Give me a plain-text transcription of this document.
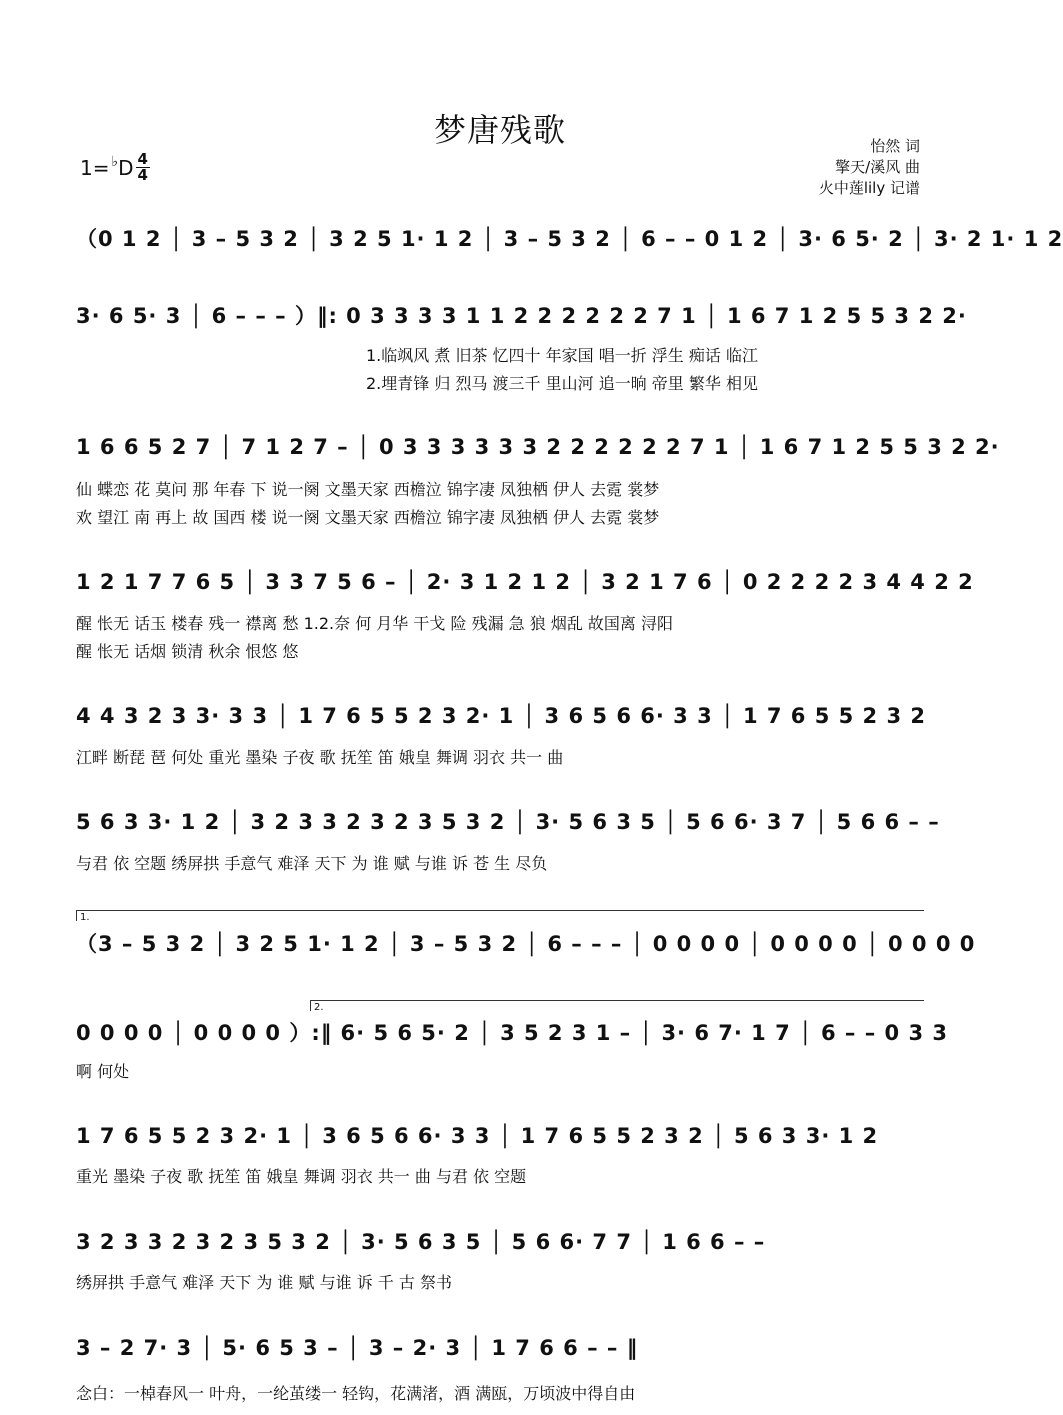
梦唐残歌
1= ♭ D 4
4
怡然 词
擎天/溪风 曲
火中莲lily 记谱
（0 1 2 │ 3 – 5 3 2 │ 3 2 5 1· 1 2 │ 3 – 5 3 2 │ 6 – – 0 1 2 │ 3· 6 5· 2 │ 3· 2 1· 1 2
3· 6 5· 3 │ 6 – – – ）‖: 0 3 3 3 3 1 1 2 2 2 2 2 2 7 1 │ 1 6 7 1 2 5 5 3 2 2·
1.临飒风 煮 旧茶 忆四十 年家国 唱一折 浮生 痴话 临江
2.埋青锋 归 烈马 渡三千 里山河 追一晌 帝里 繁华 相见
1 6 6 5 2 7 │ 7 1 2 7 – │ 0 3 3 3 3 3 3 2 2 2 2 2 2 7 1 │ 1 6 7 1 2 5 5 3 2 2·
仙 蝶恋 花 莫问 那 年春 下 说一阕 文墨天家 西檐泣 锦字凄 凤独栖 伊人 去霓 裳梦
欢 望江 南 再上 故 国西 楼 说一阕 文墨天家 西檐泣 锦字凄 凤独栖 伊人 去霓 裳梦
1 2 1 7 7 6 5 │ 3 3 7 5 6 – │ 2· 3 1 2 1 2 │ 3 2 1 7 6 │ 0 2 2 2 2 3 4 4 2 2
醒 怅无 话玉 楼春 残一 襟离 愁 1.2.奈 何 月华 干戈 险 残漏 急 狼 烟乱 故国离 浔阳
醒 怅无 话烟 锁清 秋余 恨悠 悠
4 4 3 2 3 3· 3 3 │ 1 7 6 5 5 2 3 2· 1 │ 3 6 5 6 6· 3 3 │ 1 7 6 5 5 2 3 2
江畔 断琵 琶 何处 重光 墨染 子夜 歌 抚笙 笛 娥皇 舞调 羽衣 共一 曲
5 6 3 3· 1 2 │ 3 2 3 3 2 3 2 3 5 3 2 │ 3· 5 6 3 5 │ 5 6 6· 3 7 │ 5 6 6 – –
与君 依 空题 绣屏拱 手意气 难泽 天下 为 谁 赋 与谁 诉 苍 生 尽负
1.
（3 – 5 3 2 │ 3 2 5 1· 1 2 │ 3 – 5 3 2 │ 6 – – – │ 0 0 0 0 │ 0 0 0 0 │ 0 0 0 0
2.
0 0 0 0 │ 0 0 0 0 ）:‖ 6· 5 6 5· 2 │ 3 5 2 3 1 – │ 3· 6 7· 1 7 │ 6 – – 0 3 3
啊 何处
1 7 6 5 5 2 3 2· 1 │ 3 6 5 6 6· 3 3 │ 1 7 6 5 5 2 3 2 │ 5 6 3 3· 1 2
重光 墨染 子夜 歌 抚笙 笛 娥皇 舞调 羽衣 共一 曲 与君 依 空题
3 2 3 3 2 3 2 3 5 3 2 │ 3· 5 6 3 5 │ 5 6 6· 7 7 │ 1 6 6 – –
绣屏拱 手意气 难泽 天下 为 谁 赋 与谁 诉 千 古 祭书
3 – 2 7· 3 │ 5· 6 5 3 – │ 3 – 2· 3 │ 1 7 6 6 – – ‖
念白：一棹春风一 叶舟，一纶茧缕一 轻钩，花满渚，酒 满瓯，万顷波中得自由
